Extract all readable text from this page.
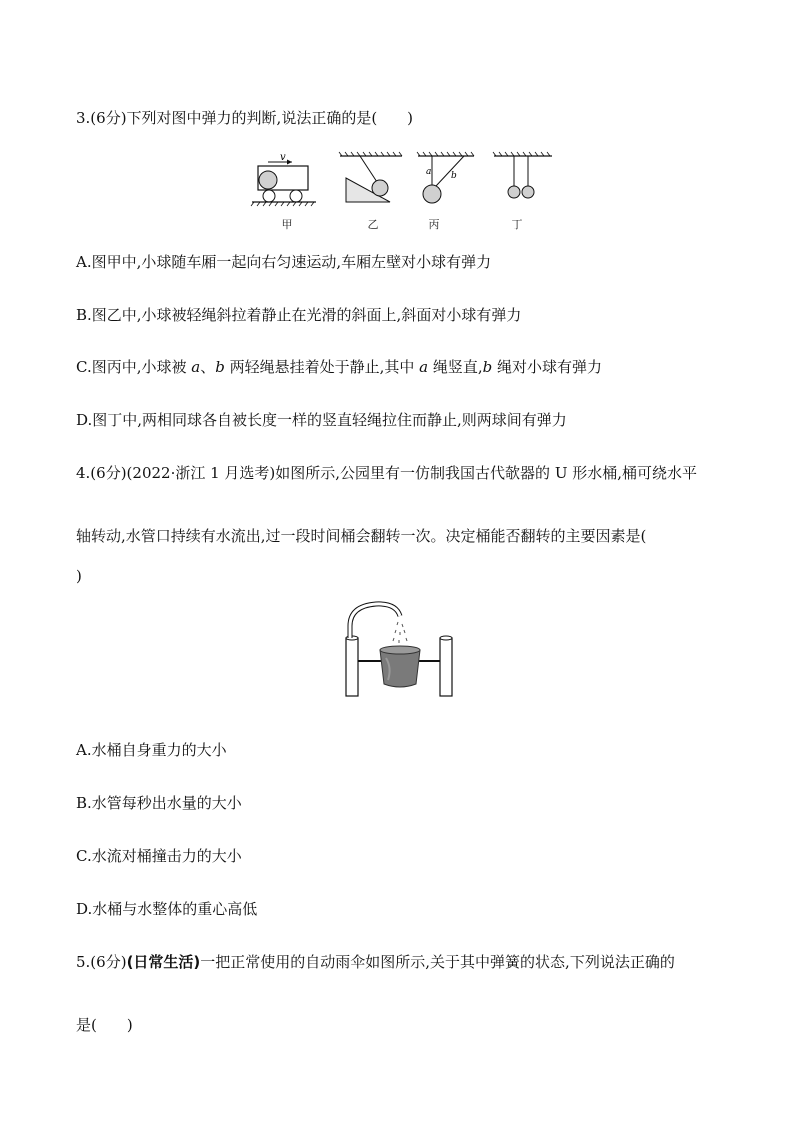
3.(6分)下列对图中弹力的判断,说法正确的是(　　)
v
a b
甲	乙	丙	丁
A.图甲中,小球随车厢一起向右匀速运动,车厢左壁对小球有弹力
B.图乙中,小球被轻绳斜拉着静止在光滑的斜面上,斜面对小球有弹力
C.图丙中,小球被 a、b 两轻绳悬挂着处于静止,其中 a 绳竖直,b 绳对小球有弹力
D.图丁中,两相同球各自被长度一样的竖直轻绳拉住而静止,则两球间有弹力
4.(6分)(2022·浙江 1 月选考)如图所示,公园里有一仿制我国古代欹器的 U 形水桶,桶可绕水平
轴转动,水管口持续有水流出,过一段时间桶会翻转一次。决定桶能否翻转的主要因素是(
)
A.水桶自身重力的大小
B.水管每秒出水量的大小
C.水流对桶撞击力的大小
D.水桶与水整体的重心高低
5.(6分)(日常生活)一把正常使用的自动雨伞如图所示,关于其中弹簧的状态,下列说法正确的
是(　　)
